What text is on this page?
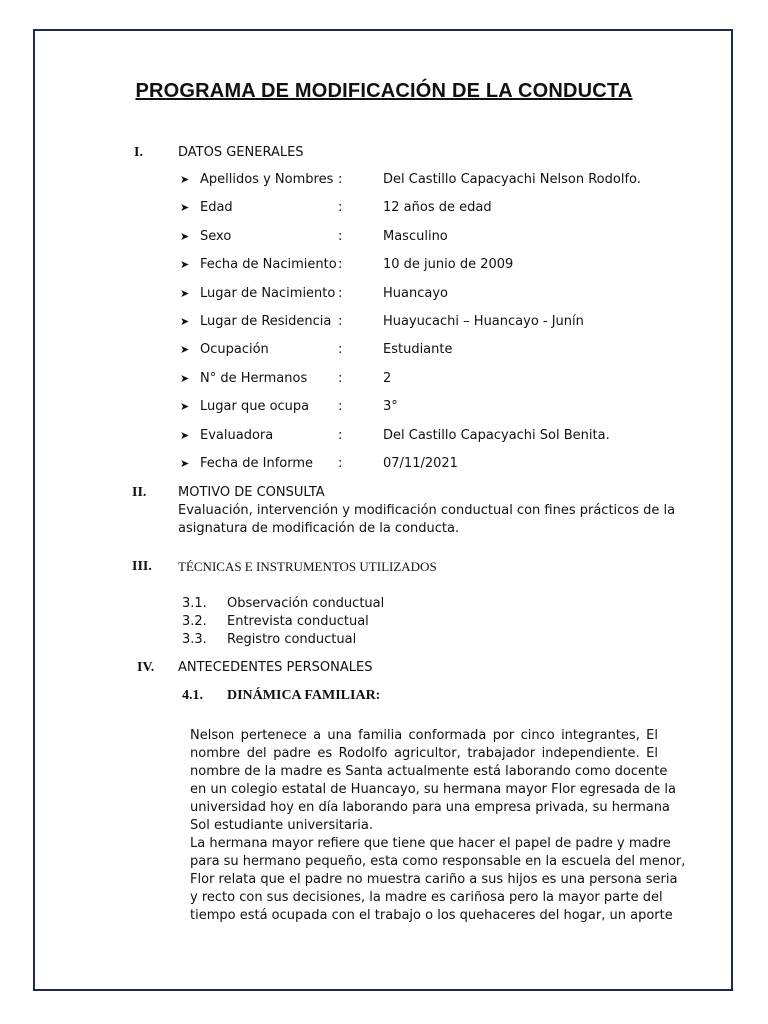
PROGRAMA DE MODIFICACIÓN DE LA CONDUCTA
I.	DATOS GENERALES
➤ Apellidos y Nombres :	Del Castillo Capacyachi Nelson Rodolfo.
➤ Edad	:	12 años de edad
➤ Sexo	:	Masculino
➤ Fecha de Nacimiento :	10 de junio de 2009
➤ Lugar de Nacimiento :	Huancayo
➤ Lugar de Residencia :	Huayucachi – Huancayo - Junín
➤ Ocupación	:	Estudiante
➤ N° de Hermanos :	2
➤ Lugar que ocupa :	3°
➤ Evaluadora	:	Del Castillo Capacyachi Sol Benita.
➤ Fecha de Informe :	07/11/2021
II. MOTIVO DE CONSULTA
Evaluación, intervención y modificación conductual con fines prácticos de la
asignatura de modificación de la conducta.
III. TÉCNICAS E INSTRUMENTOS UTILIZADOS
3.1. Observación conductual
3.2. Entrevista conductual
3.3. Registro conductual
IV. ANTECEDENTES PERSONALES
4.1. DINÁMICA FAMILIAR:
Nelson pertenece a una familia conformada por cinco integrantes, El
nombre del padre es Rodolfo agricultor, trabajador independiente. El
nombre de la madre es Santa actualmente está laborando como docente
en un colegio estatal de Huancayo, su hermana mayor Flor egresada de la
universidad hoy en día laborando para una empresa privada, su hermana
Sol estudiante universitaria.
La hermana mayor refiere que tiene que hacer el papel de padre y madre
para su hermano pequeño, esta como responsable en la escuela del menor,
Flor relata que el padre no muestra cariño a sus hijos es una persona seria
y recto con sus decisiones, la madre es cariñosa pero la mayor parte del
tiempo está ocupada con el trabajo o los quehaceres del hogar, un aporte
